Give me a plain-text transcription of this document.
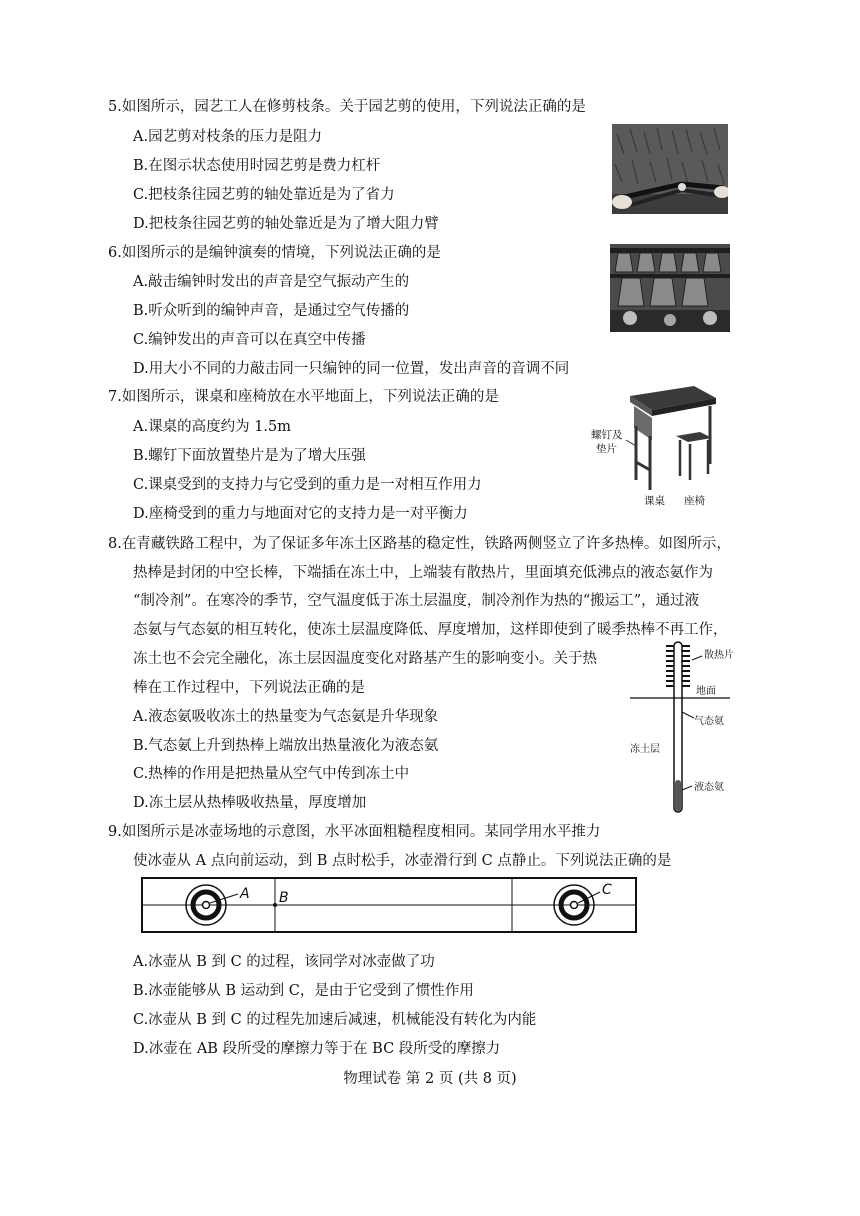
5.如图所示，园艺工人在修剪枝条。关于园艺剪的使用，下列说法正确的是
A.园艺剪对枝条的压力是阻力
B.在图示状态使用时园艺剪是费力杠杆
C.把枝条往园艺剪的轴处靠近是为了省力
D.把枝条往园艺剪的轴处靠近是为了增大阻力臂
6.如图所示的是编钟演奏的情境，下列说法正确的是
A.敲击编钟时发出的声音是空气振动产生的
B.听众听到的编钟声音，是通过空气传播的
C.编钟发出的声音可以在真空中传播
D.用大小不同的力敲击同一只编钟的同一位置，发出声音的音调不同
7.如图所示，课桌和座椅放在水平地面上，下列说法正确的是
A.课桌的高度约为 1.5m
B.螺钉下面放置垫片是为了增大压强
C.课桌受到的支持力与它受到的重力是一对相互作用力
D.座椅受到的重力与地面对它的支持力是一对平衡力
螺钉及
垫片
课桌 座椅
8.在青藏铁路工程中，为了保证多年冻土区路基的稳定性，铁路两侧竖立了许多热棒。如图所示，
热棒是封闭的中空长棒，下端插在冻土中，上端装有散热片，里面填充低沸点的液态氨作为
“制冷剂”。在寒冷的季节，空气温度低于冻土层温度，制冷剂作为热的“搬运工”，通过液
态氨与气态氨的相互转化，使冻土层温度降低、厚度增加，这样即使到了暖季热棒不再工作，
冻土也不会完全融化，冻土层因温度变化对路基产生的影响变小。关于热
棒在工作过程中，下列说法正确的是
A.液态氨吸收冻土的热量变为气态氨是升华现象
B.气态氨上升到热棒上端放出热量液化为液态氨
C.热棒的作用是把热量从空气中传到冻土中
D.冻土层从热棒吸收热量，厚度增加
散热片
地面
气态氨
冻土层
液态氨
9.如图所示是冰壶场地的示意图，水平冰面粗糙程度相同。某同学用水平推力
使冰壶从 A 点向前运动，到 B 点时松手，冰壶滑行到 C 点静止。下列说法正确的是
A B	C
A.冰壶从 B 到 C 的过程，该同学对冰壶做了功
B.冰壶能够从 B 运动到 C，是由于它受到了惯性作用
C.冰壶从 B 到 C 的过程先加速后减速，机械能没有转化为内能
D.冰壶在 AB 段所受的摩擦力等于在 BC 段所受的摩擦力
物理试卷 第 2 页 (共 8 页)
